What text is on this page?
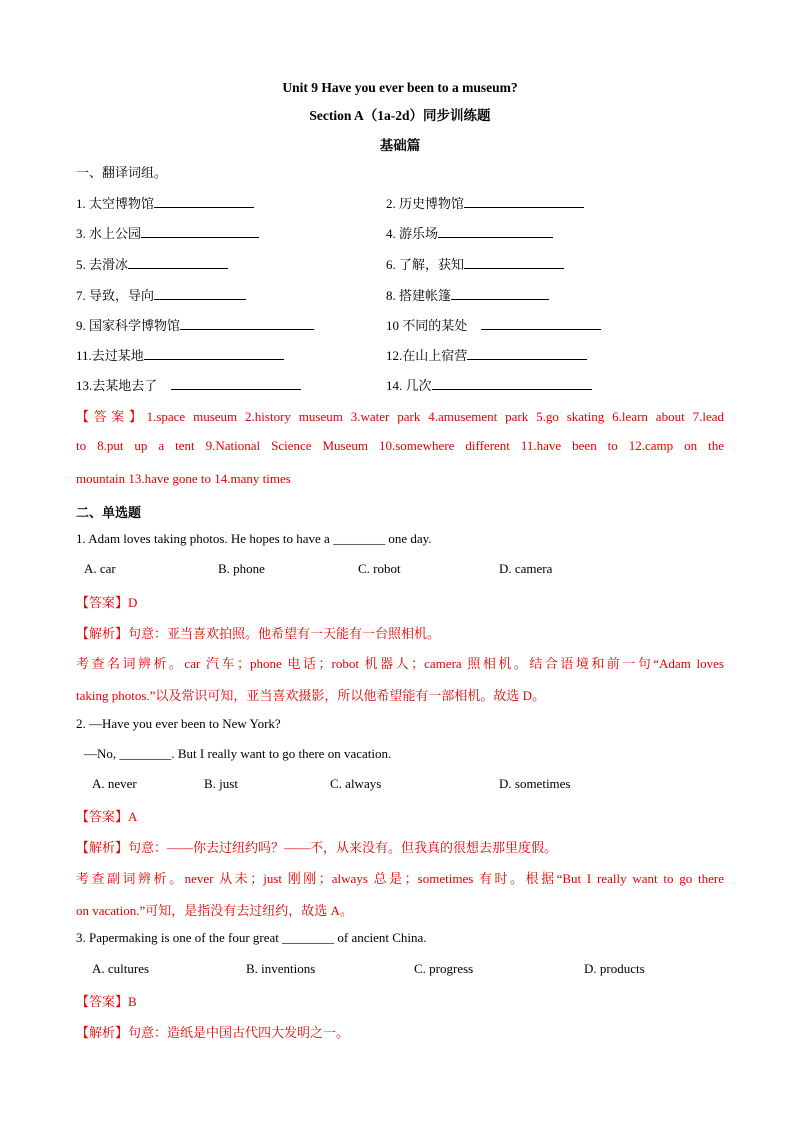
Unit 9 Have you ever been to a museum?
Section A（1a-2d）同步训练题
基础篇
一、翻译词组。
1. 太空博物馆	2. 历史博物馆
3. 水上公园	4. 游乐场
5. 去滑冰	6. 了解，获知
7. 导致，导向	8. 搭建帐篷
9. 国家科学博物馆	10 不同的某处
11.去过某地	12.在山上宿营
13.去某地去了	14. 几次
【答案】1.space museum 2.history museum 3.water park 4.amusement park 5.go skating 6.learn about 7.lead
to 8.put up a tent 9.National Science Museum 10.somewhere different 11.have been to 12.camp on the
mountain 13.have gone to 14.many times
二、单选题
1. Adam loves taking photos. He hopes to have a ________ one day.
A. car	B. phone	C. robot	D. camera
【答案】D
【解析】句意：亚当喜欢拍照。他希望有一天能有一台照相机。
考查名词辨析。car 汽车；phone 电话；robot 机器人；camera 照相机。结合语境和前一句“Adam loves
taking photos.”以及常识可知，亚当喜欢摄影，所以他希望能有一部相机。故选 D。
2. —Have you ever been to New York?
—No, ________. But I really want to go there on vacation.
A. never	B. just	C. always	D. sometimes
【答案】A
【解析】句意：——你去过纽约吗？——不，从来没有。但我真的很想去那里度假。
考查副词辨析。never 从未；just 刚刚；always 总是；sometimes 有时。根据“But I really want to go there
on vacation.”可知，是指没有去过纽约，故选 A。
3. Papermaking is one of the four great ________ of ancient China.
A. cultures	B. inventions	C. progress	D. products
【答案】B
【解析】句意：造纸是中国古代四大发明之一。
